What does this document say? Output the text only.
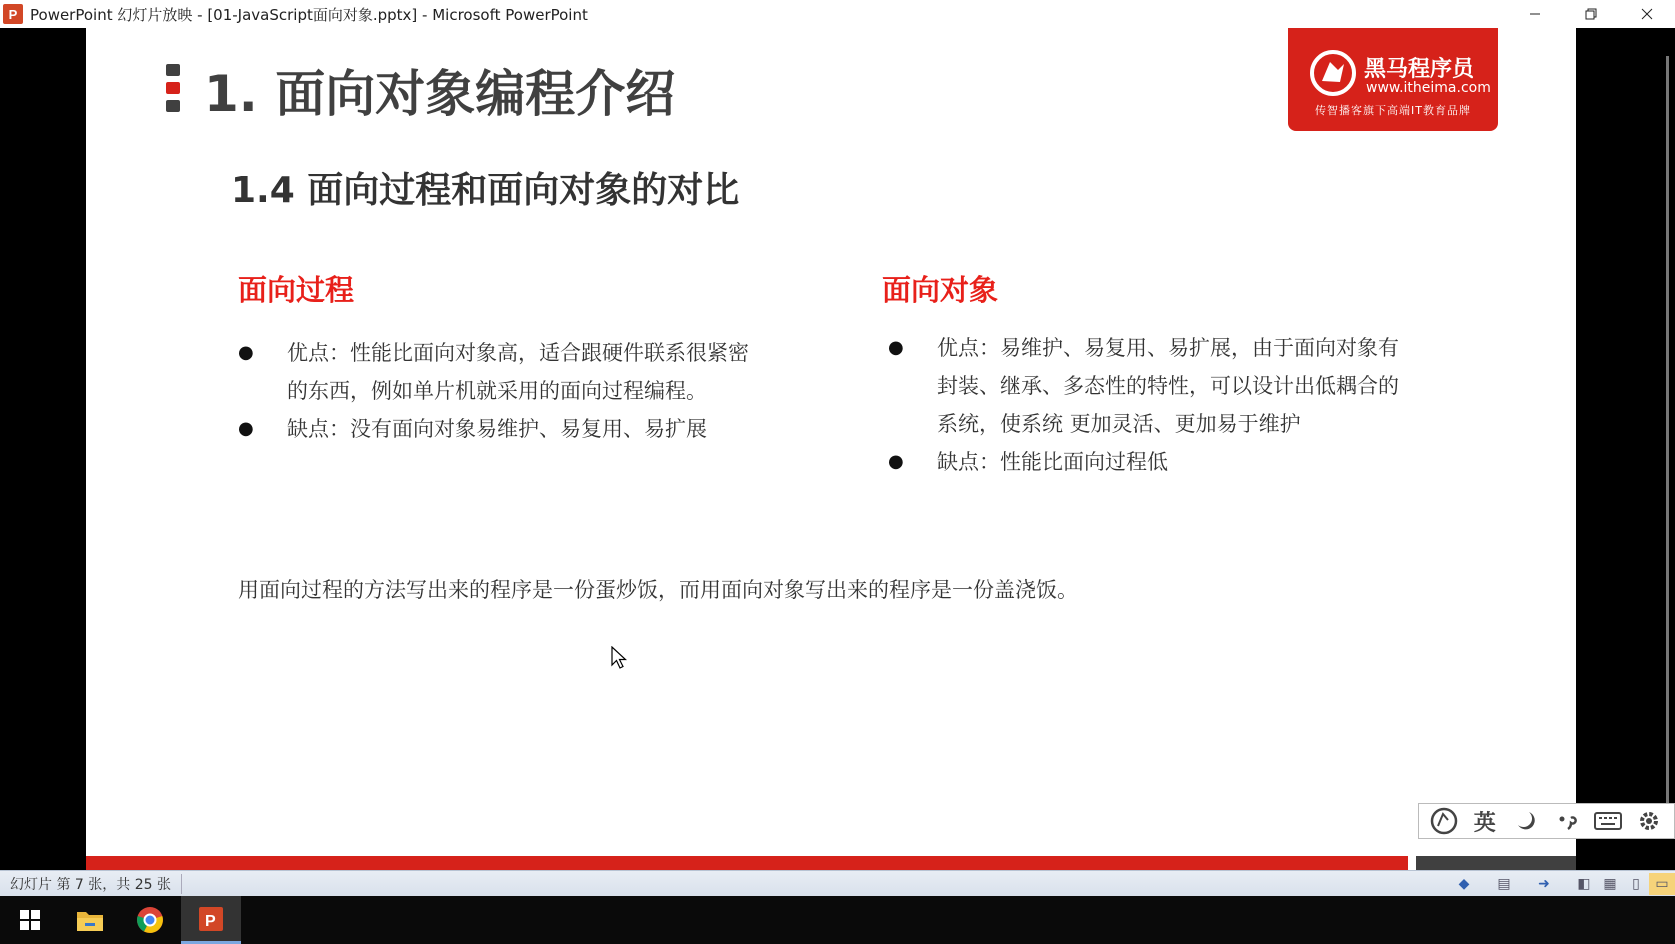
P PowerPoint 幻灯片放映 - [01-JavaScript面向对象.pptx] - Microsoft PowerPoint
1. 面向对象编程介绍
1.4 面向过程和面向对象的对比
黑马程序员
www.itheima.com
传智播客旗下高端IT教育品牌
面向过程
● 优点：性能比面向对象高，适合跟硬件联系很紧密
的东西，例如单片机就采用的面向过程编程。
● 缺点：没有面向对象易维护、易复用、易扩展
面向对象
● 优点：易维护、易复用、易扩展，由于面向对象有
封装、继承、多态性的特性，可以设计出低耦合的
系统，使系统 更加灵活、更加易于维护
● 缺点：性能比面向过程低
用面向过程的方法写出来的程序是一份蛋炒饭，而用面向对象写出来的程序是一份盖浇饭。
英
幻灯片 第 7 张，共 25 张	◆ ▤ ➜ ◧ ▦ ▯ ▭
P
